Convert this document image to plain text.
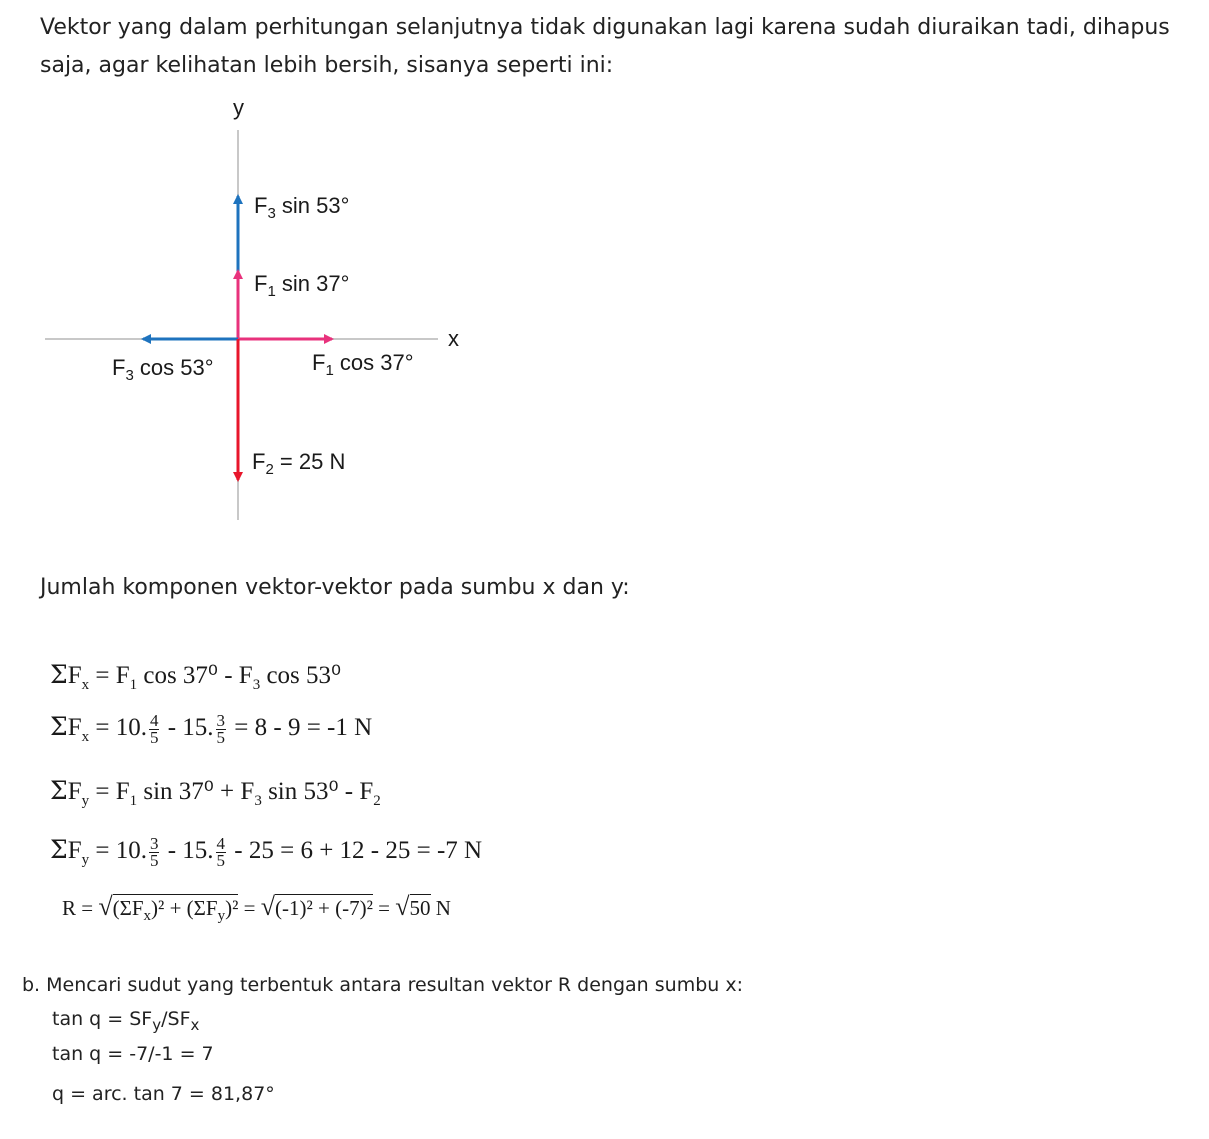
Vektor yang dalam perhitungan selanjutnya tidak digunakan lagi karena sudah diuraikan tadi, dihapus saja, agar kelihatan lebih bersih, sisanya seperti ini:
y
x
$F_3$ sin 53°
$F_1$ sin 37°
$F_3$ cos 53°	$F_1$ cos 37°
$F_2 = 25$ N
Jumlah komponen vektor-vektor pada sumbu x dan y:
$\Sigma F_x = F_1$ $\cos 37^0 - F_3$ cos 53⁰
$\Sigma F_x = 10$. $\frac{4}{5} - 15$. $\frac{3}{5} = 8 - 9 = -1$ N
$\Sigma F_y = F_1$ $\sin 37^0 + F_3$ $\sin 53^0 - F_2$
$\Sigma F_y = 10$. $\frac{3}{5} - 15$. $\frac{4}{5} - 25 = 6 + 12 - 25 = -7$ N
$R = √(\Sigma F_x)^2 + (\Sigma F_y)^2 = √(-1)^2 + (-7)^2 = √50$ N
b. Mencari sudut yang terbentuk antara resultan vektor R dengan sumbu x:
$\tan q = SF_y/SF_x$
tan q = -7/-1 = 7
q = arc. tan 7 = 81,87°
